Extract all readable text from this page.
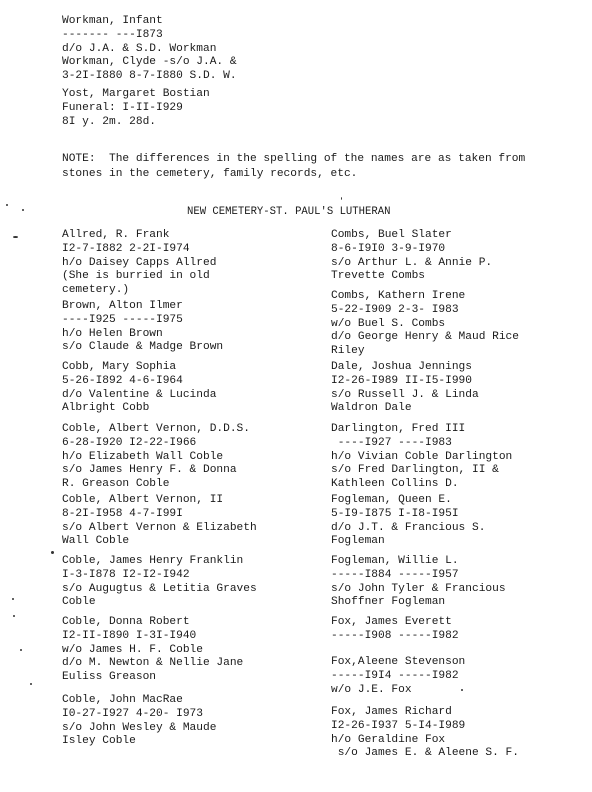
Workman, Infant
------- ---I873
d/o J.A. & S.D. Workman
Workman, Clyde -s/o J.A. &
3-2I-I880 8-7-I880 S.D. W.
Yost, Margaret Bostian
Funeral: I-II-I929
8I y. 2m. 28d.
NOTE:  The differences in the spelling of the names are as taken from
stones in the cemetery, family records, etc.
NEW CEMETERY-ST. PAUL'S LUTHERAN
Allred, R. Frank
I2-7-I882 2-2I-I974
h/o Daisey Capps Allred
(She is burried in old
cemetery.)
Brown, Alton Ilmer
----I925 -----I975
h/o Helen Brown
s/o Claude & Madge Brown
Cobb, Mary Sophia
5-26-I892 4-6-I964
d/o Valentine & Lucinda
Albright Cobb
Coble, Albert Vernon, D.D.S.
6-28-I920 I2-22-I966
h/o Elizabeth Wall Coble
s/o James Henry F. & Donna
R. Greason Coble
Coble, Albert Vernon, II
8-2I-I958 4-7-I99I
s/o Albert Vernon & Elizabeth
Wall Coble
Coble, James Henry Franklin
I-3-I878 I2-I2-I942
s/o Augugtus & Letitia Graves
Coble
Coble, Donna Robert
I2-II-I890 I-3I-I940
w/o James H. F. Coble
d/o M. Newton & Nellie Jane
Euliss Greason
Coble, John MacRae
I0-27-I927 4-20- I973
s/o John Wesley & Maude
Isley Coble
Combs, Buel Slater
8-6-I9I0 3-9-I970
s/o Arthur L. & Annie P.
Trevette Combs
Combs, Kathern Irene
5-22-I909 2-3- I983
w/o Buel S. Combs
d/o George Henry & Maud Rice
Riley
Dale, Joshua Jennings
I2-26-I989 II-I5-I990
s/o Russell J. & Linda
Waldron Dale
Darlington, Fred III
----I927 ----I983
h/o Vivian Coble Darlington
s/o Fred Darlington, II &
Kathleen Collins D.
Fogleman, Queen E.
5-I9-I875 I-I8-I95I
d/o J.T. & Francious S.
Fogleman
Fogleman, Willie L.
-----I884 -----I957
s/o John Tyler & Francious
Shoffner Fogleman
Fox, James Everett
-----I908 -----I982
Fox,Aleene Stevenson
-----I9I4 -----I982
w/o J.E. Fox
Fox, James Richard
I2-26-I937 5-I4-I989
h/o Geraldine Fox
s/o James E. & Aleene S. F.
